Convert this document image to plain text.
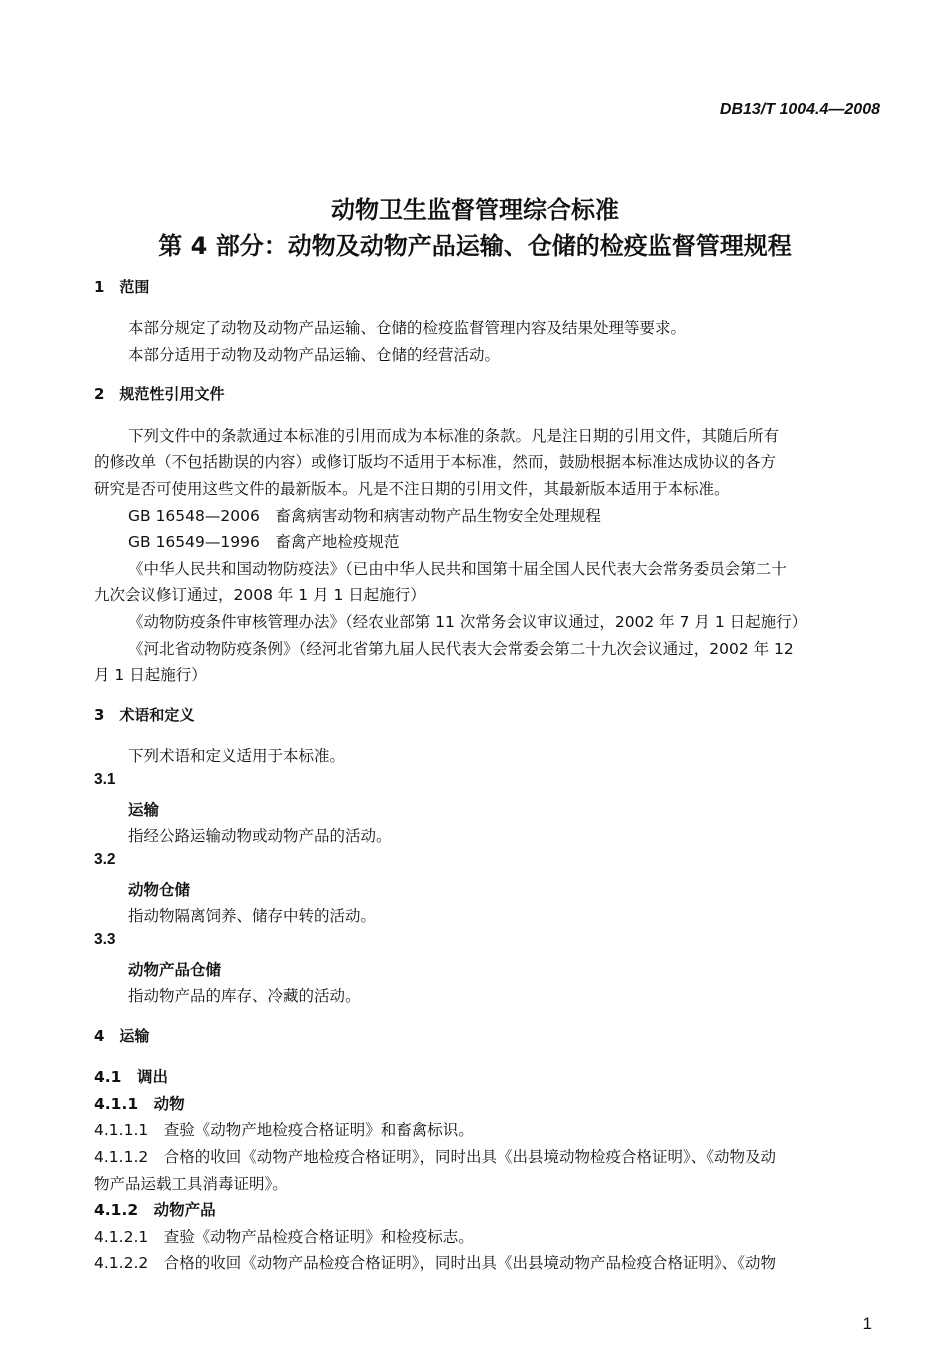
DB13/T 1004.4—2008
动物卫生监督管理综合标准
第 4 部分：动物及动物产品运输、仓储的检疫监督管理规程
1　范围
本部分规定了动物及动物产品运输、仓储的检疫监督管理内容及结果处理等要求。
本部分适用于动物及动物产品运输、仓储的经营活动。
2　规范性引用文件
下列文件中的条款通过本标准的引用而成为本标准的条款。凡是注日期的引用文件，其随后所有
的修改单（不包括勘误的内容）或修订版均不适用于本标准，然而，鼓励根据本标准达成协议的各方
研究是否可使用这些文件的最新版本。凡是不注日期的引用文件，其最新版本适用于本标准。
GB 16548—2006　畜禽病害动物和病害动物产品生物安全处理规程
GB 16549—1996　畜禽产地检疫规范
《中华人民共和国动物防疫法》（已由中华人民共和国第十届全国人民代表大会常务委员会第二十
九次会议修订通过，2008 年 1 月 1 日起施行）
《动物防疫条件审核管理办法》（经农业部第 11 次常务会议审议通过，2002 年 7 月 1 日起施行）
《河北省动物防疫条例》（经河北省第九届人民代表大会常委会第二十九次会议通过，2002 年 12
月 1 日起施行）
3　术语和定义
下列术语和定义适用于本标准。
3.1
运输
指经公路运输动物或动物产品的活动。
3.2
动物仓储
指动物隔离饲养、储存中转的活动。
3.3
动物产品仓储
指动物产品的库存、冷藏的活动。
4　运输
4.1　调出
4.1.1　动物
4.1.1.1　查验《动物产地检疫合格证明》和畜禽标识。
4.1.1.2　合格的收回《动物产地检疫合格证明》，同时出具《出县境动物检疫合格证明》、《动物及动
物产品运载工具消毒证明》。
4.1.2　动物产品
4.1.2.1　查验《动物产品检疫合格证明》和检疫标志。
4.1.2.2　合格的收回《动物产品检疫合格证明》，同时出具《出县境动物产品检疫合格证明》、《动物
1
